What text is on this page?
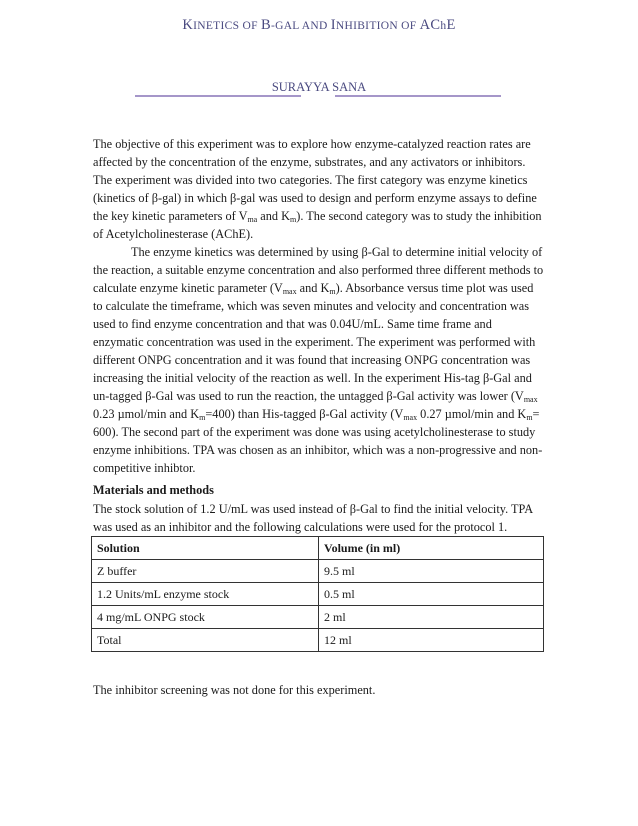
KINETICS OF B-GAL AND INHIBITION OF AChE
SURAYYA SANA
The objective of this experiment was to explore how enzyme-catalyzed reaction rates are affected by the concentration of the enzyme, substrates, and any activators or inhibitors. The experiment was divided into two categories. The first category was enzyme kinetics (kinetics of β-gal) in which β-gal was used to design and perform enzyme assays to define the key kinetic parameters of $V_{ma}$ and $K_m$). The second category was to study the inhibition of Acetylcholinesterase (AChE).
The enzyme kinetics was determined by using β-Gal to determine initial velocity of the reaction, a suitable enzyme concentration and also performed three different methods to calculate enzyme kinetic parameter ($V_{max}$ and $K_m$). Absorbance versus time plot was used to calculate the timeframe, which was seven minutes and velocity and concentration was used to find enzyme concentration and that was 0.04U/mL. Same time frame and enzymatic concentration was used in the experiment. The experiment was performed with different ONPG concentration and it was found that increasing ONPG concentration was increasing the initial velocity of the reaction as well. In the experiment His-tag β-Gal and un-tagged β-Gal was used to run the reaction, the untagged β-Gal activity was lower ($V_{max}$ 0.23 µmol/min and $K_m=400$) than His-tagged β-Gal activity ($V_{max}$ 0.27 µmol/min and $K_m= 600$). The second part of the experiment was done was using acetylcholinesterase to study enzyme inhibitions. TPA was chosen as an inhibitor, which was a non-progressive and non-competitive inhibtor.
Materials and methods
The stock solution of 1.2 U/mL was used instead of β-Gal to find the initial velocity. TPA was used as an inhibitor and the following calculations were used for the protocol 1.
Solution	Volume (in ml)
Z buffer	9.5 ml
1.2 Units/mL enzyme stock	0.5 ml
4 mg/mL ONPG stock	2 ml
Total	12 ml
The inhibitor screening was not done for this experiment.
